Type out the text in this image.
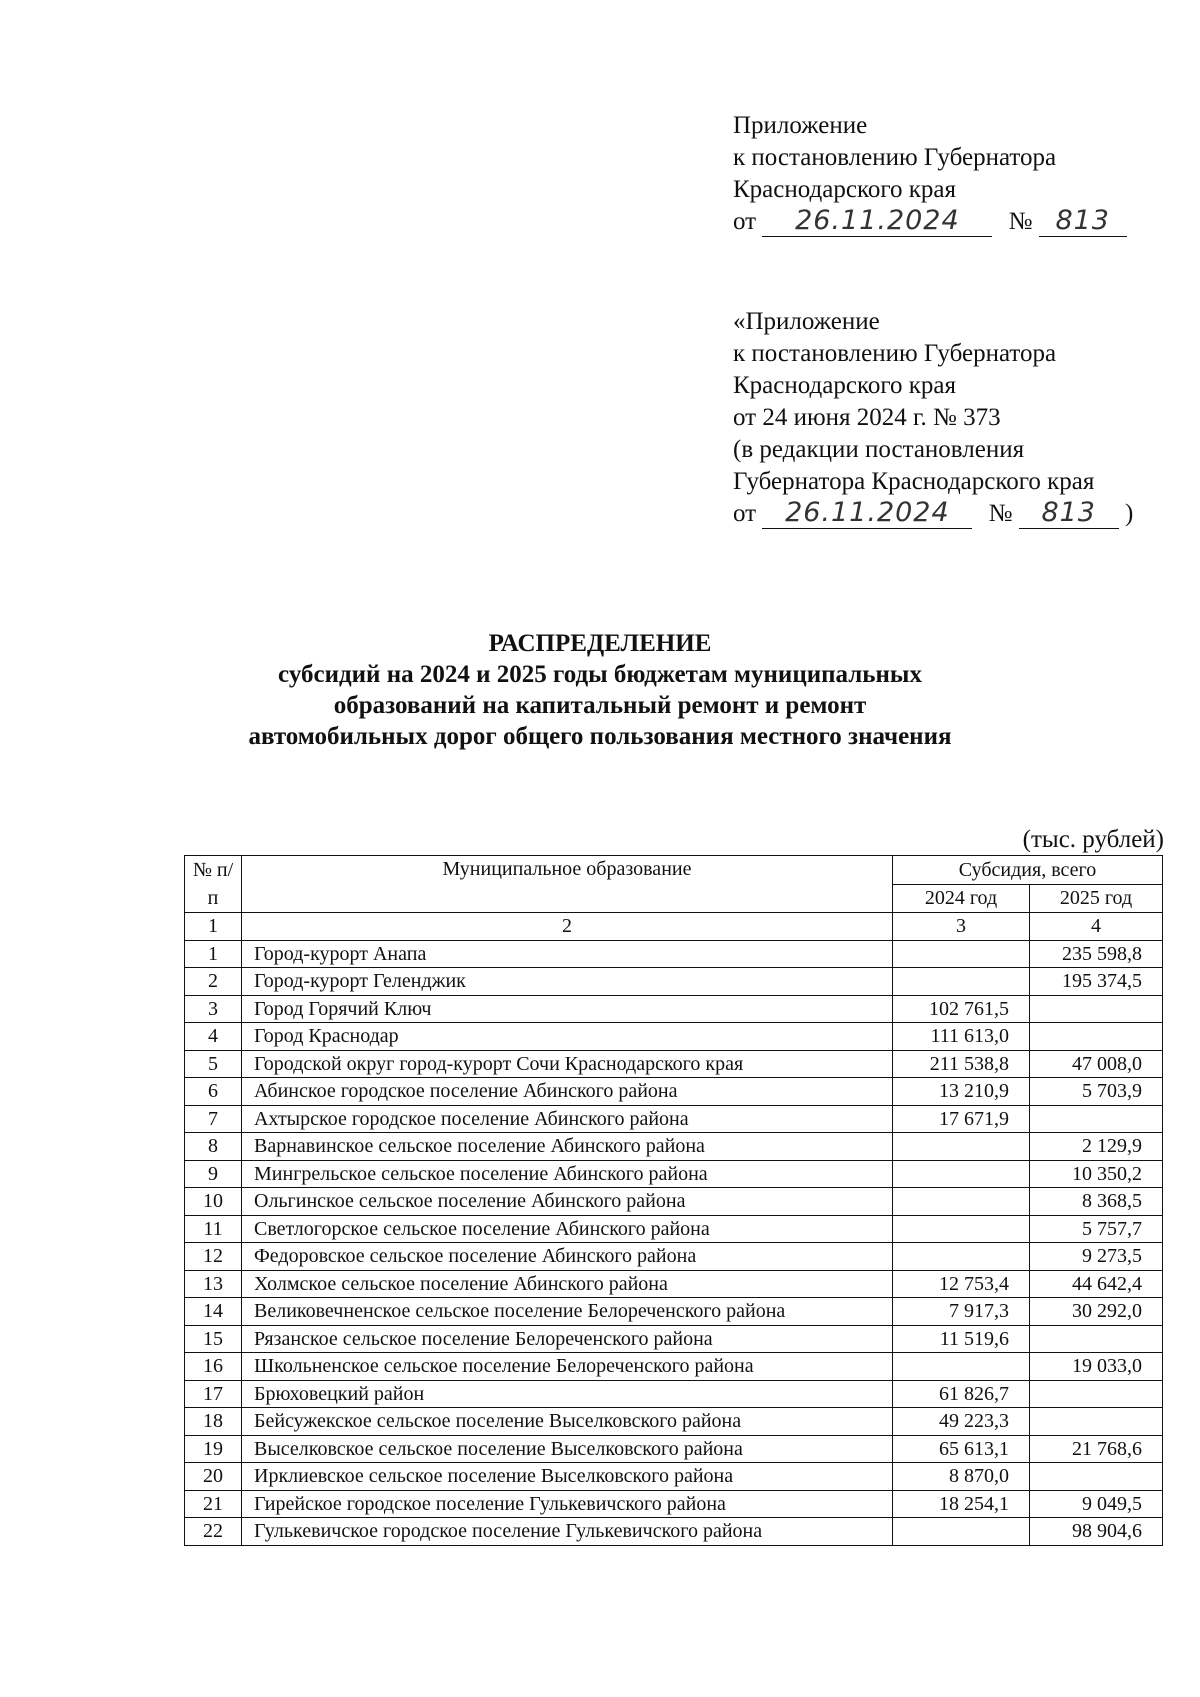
Приложение
к постановлению Губернатора
Краснодарского края
от 26.11.2024 № 813
«Приложение
к постановлению Губернатора
Краснодарского края
от 24 июня 2024 г. № 373
(в редакции постановления
Губернатора Краснодарского края
от 26.11.2024 № 813 )
РАСПРЕДЕЛЕНИЕ
субсидий на 2024 и 2025 годы бюджетам муниципальных
образований на капитальный ремонт и ремонт
автомобильных дорог общего пользования местного значения
(тыс. рублей)
№ п/п	Муниципальное образование	Субсидия, всего	
		2024 год	2025 год
1	2	3	4
1	Город-курорт Анапа		235 598,8
2	Город-курорт Геленджик		195 374,5
3	Город Горячий Ключ	102 761,5	
4	Город Краснодар	111 613,0	
5	Городской округ город-курорт Сочи Краснодарского края	211 538,8	47 008,0
6	Абинское городское поселение Абинского района	13 210,9	5 703,9
7	Ахтырское городское поселение Абинского района	17 671,9	
8	Варнавинское сельское поселение Абинского района		2 129,9
9	Мингрельское сельское поселение Абинского района		10 350,2
10	Ольгинское сельское поселение Абинского района		8 368,5
11	Светлогорское сельское поселение Абинского района		5 757,7
12	Федоровское сельское поселение Абинского района		9 273,5
13	Холмское сельское поселение Абинского района	12 753,4	44 642,4
14	Великовечненское сельское поселение Белореченского района	7 917,3	30 292,0
15	Рязанское сельское поселение Белореченского района	11 519,6	
16	Школьненское сельское поселение Белореченского района		19 033,0
17	Брюховецкий район	61 826,7	
18	Бейсужекское сельское поселение Выселковского района	49 223,3	
19	Выселковское сельское поселение Выселковского района	65 613,1	21 768,6
20	Ирклиевское сельское поселение Выселковского района	8 870,0	
21	Гирейское городское поселение Гулькевичского района	18 254,1	9 049,5
22	Гулькевичское городское поселение Гулькевичского района		98 904,6
